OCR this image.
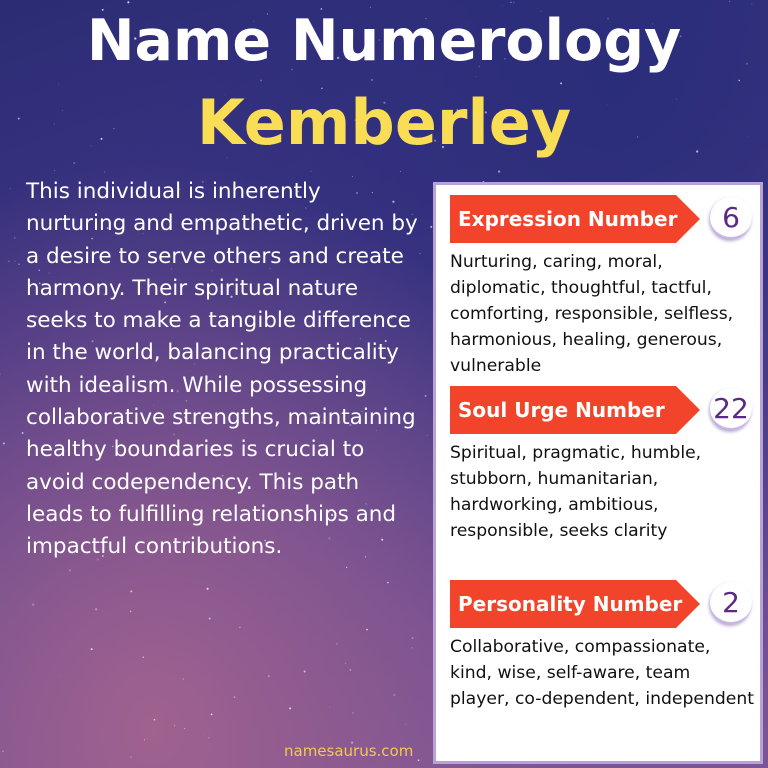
Name Numerology
Kemberley

This individual is inherently nurturing and empathetic, driven by a desire to serve others and create harmony. Their spiritual nature seeks to make a tangible difference in the world, balancing practicality with idealism. While possessing collaborative strengths, maintaining healthy boundaries is crucial to avoid codependency. This path leads to fulfilling relationships and impactful contributions.

Expression Number	6

Nurturing, caring, moral, diplomatic, thoughtful, tactful, comforting, responsible, selfless, harmonious, healing, generous, vulnerable

Soul Urge Number 22

Spiritual, pragmatic, humble, stubborn, humanitarian, hardworking, ambitious, responsible, seeks clarity

Personality Number	2

Collaborative, compassionate, kind, wise, self-aware, team player, co-dependent, independent

namesaurus.com
